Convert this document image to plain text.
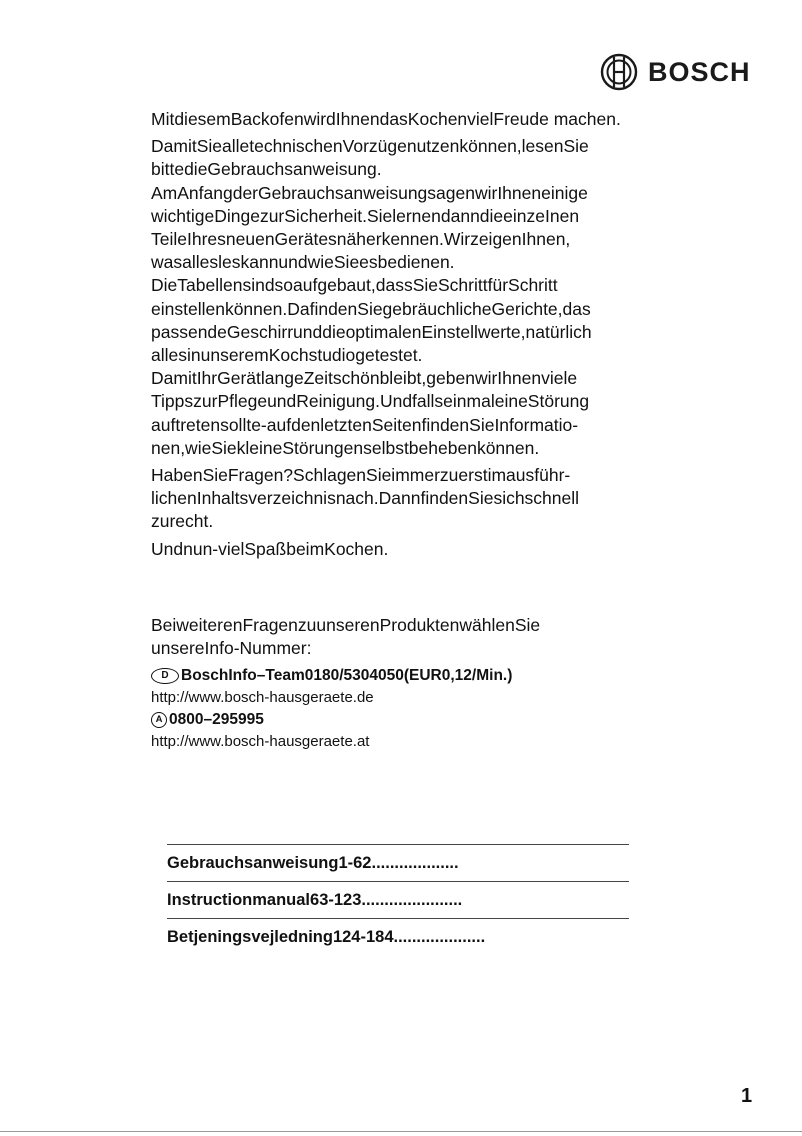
BOSCH

MitdiesemBackofenwirdIhnendasKochenvielFreude machen.

DamitSiealletechnischenVorzügenutzenkönnen,lesenSie bittedieGebrauchsanweisung. AmAnfangderGebrauchsanweisungsagenwirIhneneinige wichtigeDingezurSicherheit.SielernendanndieeinzeInen TeileIhresneuenGerätesnäherkennen.WirzeigenIhnen, wasallesleskannundwieSieesbedienen. DieTabellensindsoaufgebaut,dassSieSchrittfürSchritt einstellenkönnen.DafindenSiegebräuchlicheGerichte,das passendeGeschirrunddieoptimalenEinstellwerte,natürlich allesinunseremKochstudiogetestet. DamitIhrGerätlangeZeitschönbleibt,gebenwirIhnenviele TippszurPflegeundReinigung.UndfallseinmaleineStörung auftretensollte-aufdenletztenSeitenfindenSieInformatio- nen,wieSiekleineStörungenselbstbehebenkönnen.

HabenSieFragen?SchlagenSieimmerzuerstimausführ- lichenInhaltsverzeichnisnach.DannfindenSiesichschnell zurecht.

Undnun-vielSpaßbeimKochen.

BeiweiterenFragenzuunserenProduktenwählenSie unsereInfo-Nummer:

D BoschInfo–Team0180/5304050(EUR0,12/Min.)
http://www.bosch-hausgeraete.de
A 0800–295995
http://www.bosch-hausgeraete.at
Gebrauchsanweisung1-62...................
Instructionmanual63-123......................
Betjeningsvejledning124-184....................
1
